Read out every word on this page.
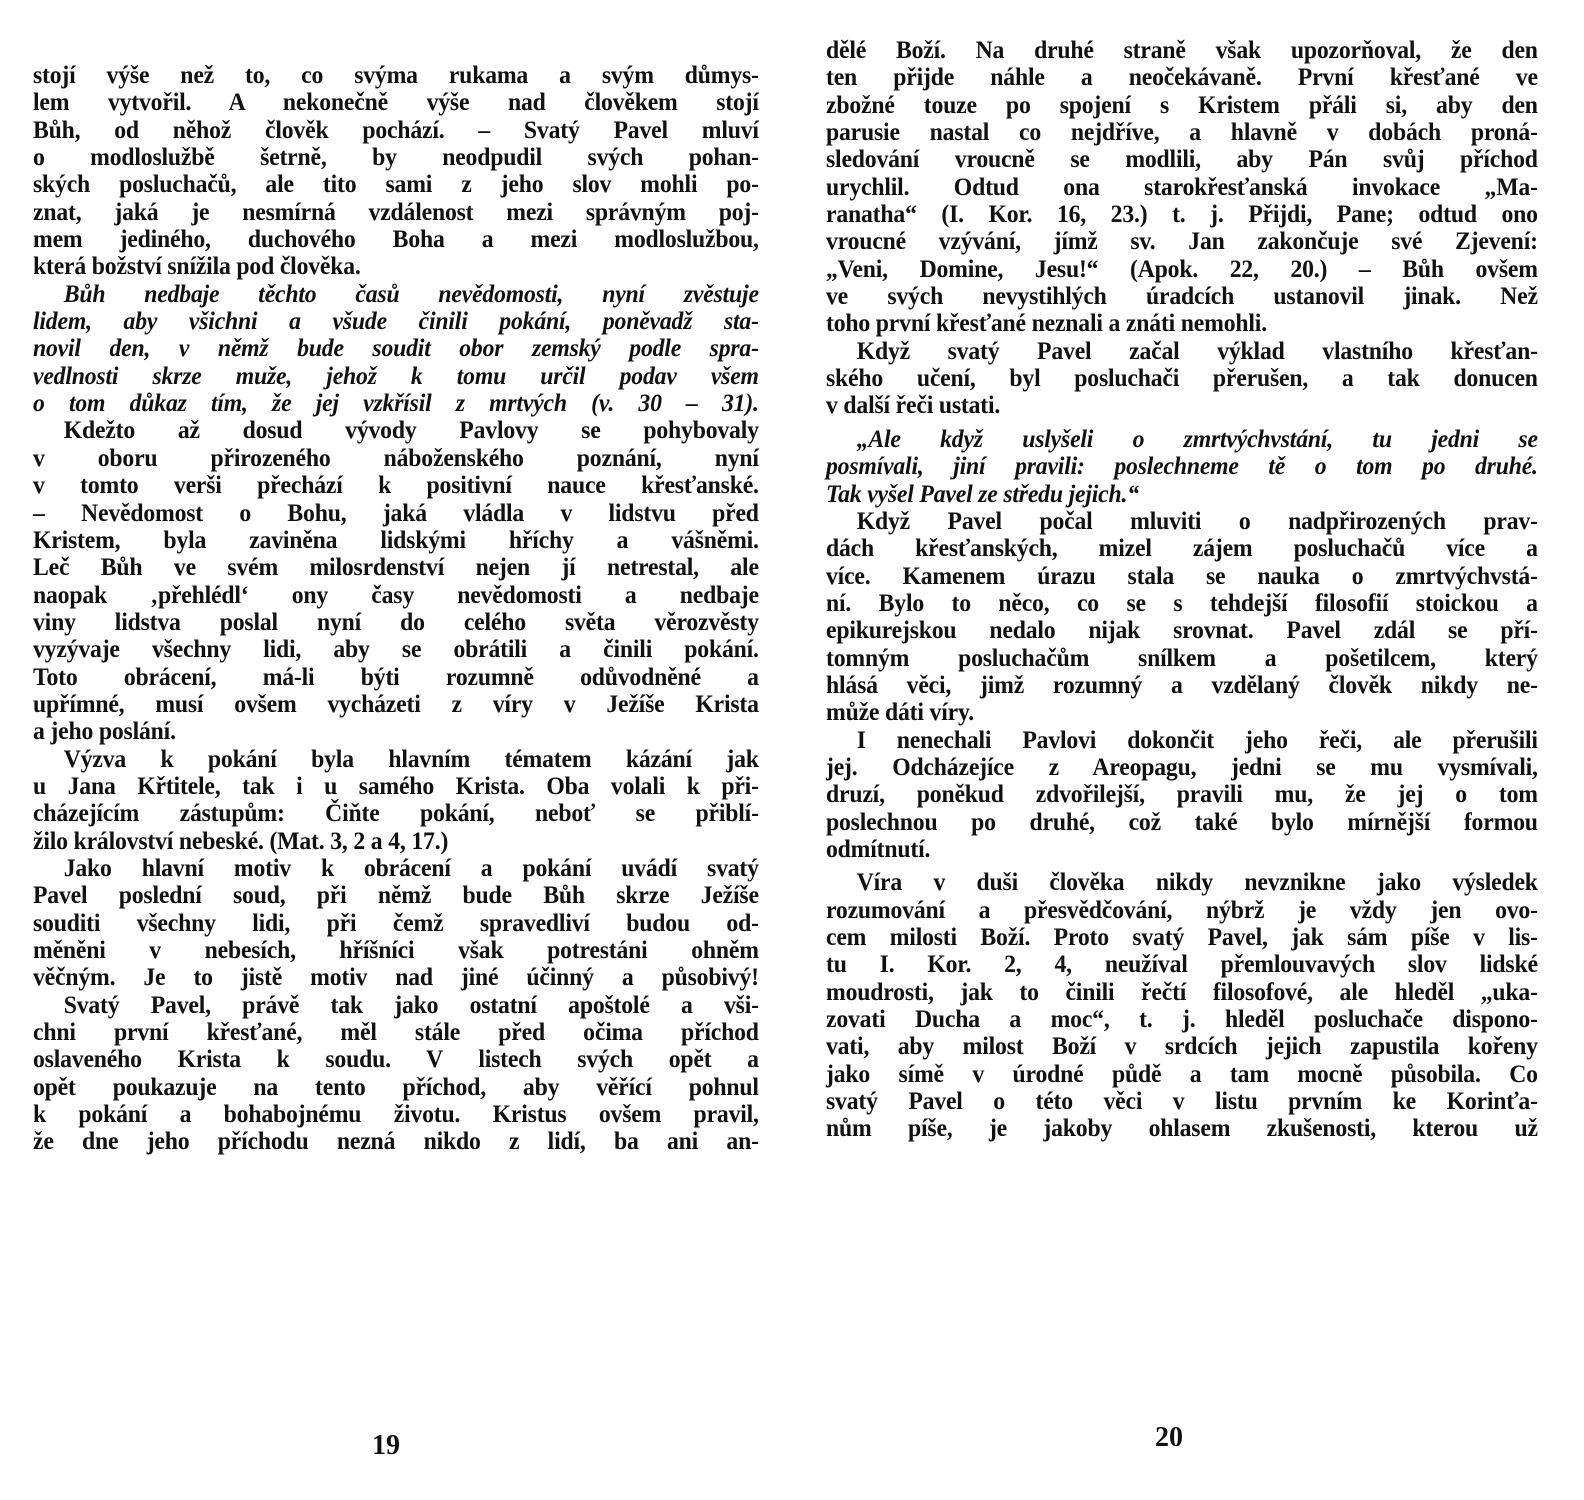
stojí výše než to, co svýma rukama a svým důmys-
lem vytvořil. A nekonečně výše nad člověkem stojí
Bůh, od něhož člověk pochází. – Svatý Pavel mluví
o modloslužbě šetrně, by neodpudil svých pohan-
ských posluchačů, ale tito sami z jeho slov mohli po-
znat, jaká je nesmírná vzdálenost mezi správným poj-
mem jediného, duchového Boha a mezi modloslužbou,
která božství snížila pod člověka.
Bůh nedbaje těchto časů nevědomosti, nyní zvěstuje
lidem, aby všichni a všude činili pokání, poněvadž sta-
novil den, v němž bude soudit obor zemský podle spra-
vedlnosti skrze muže, jehož k tomu určil podav všem
o tom důkaz tím, že jej vzkřísil z mrtvých (v. 30 – 31).
Kdežto až dosud vývody Pavlovy se pohybovaly
v oboru přirozeného náboženského poznání, nyní
v tomto verši přechází k positivní nauce křesťanské.
– Nevědomost o Bohu, jaká vládla v lidstvu před
Kristem, byla zaviněna lidskými hříchy a vášněmi.
Leč Bůh ve svém milosrdenství nejen jí netrestal, ale
naopak ‚přehlédl‘ ony časy nevědomosti a nedbaje
viny lidstva poslal nyní do celého světa věrozvěsty
vyzývaje všechny lidi, aby se obrátili a činili pokání.
Toto obrácení, má-li býti rozumně odůvodněné a
upřímné, musí ovšem vycházeti z víry v Ježíše Krista
a jeho poslání.
Výzva k pokání byla hlavním tématem kázání jak
u Jana Křtitele, tak i u samého Krista. Oba volali k při-
cházejícím zástupům: Čiňte pokání, neboť se přiblí-
žilo království nebeské. (Mat. 3, 2 a 4, 17.)
Jako hlavní motiv k obrácení a pokání uvádí svatý
Pavel poslední soud, při němž bude Bůh skrze Ježíše
souditi všechny lidi, při čemž spravedliví budou od-
měněni v nebesích, hříšníci však potrestáni ohněm
věčným. Je to jistě motiv nad jiné účinný a působivý!
Svatý Pavel, právě tak jako ostatní apoštolé a vši-
chni první křesťané, měl stále před očima příchod
oslaveného Krista k soudu. V listech svých opět a
opět poukazuje na tento příchod, aby věřící pohnul
k pokání a bohabojnému životu. Kristus ovšem pravil,
že dne jeho příchodu nezná nikdo z lidí, ba ani an-
dělé Boží. Na druhé straně však upozorňoval, že den
ten přijde náhle a neočekávaně. První křesťané ve
zbožné touze po spojení s Kristem přáli si, aby den
parusie nastal co nejdříve, a hlavně v dobách proná-
sledování vroucně se modlili, aby Pán svůj příchod
urychlil. Odtud ona starokřesťanská invokace „Ma-
ranatha“ (I. Kor. 16, 23.) t. j. Přijdi, Pane; odtud ono
vroucné vzývání, jímž sv. Jan zakončuje své Zjevení:
„Veni, Domine, Jesu!“ (Apok. 22, 20.) – Bůh ovšem
ve svých nevystihlých úradcích ustanovil jinak. Než
toho první křesťané neznali a znáti nemohli.
Když svatý Pavel začal výklad vlastního křesťan-
ského učení, byl posluchači přerušen, a tak donucen
v další řeči ustati.
„Ale když uslyšeli o zmrtvýchvstání, tu jedni se
posmívali, jiní pravili: poslechneme tě o tom po druhé.
Tak vyšel Pavel ze středu jejich.“
Když Pavel počal mluviti o nadpřirozených prav-
dách křesťanských, mizel zájem posluchačů více a
více. Kamenem úrazu stala se nauka o zmrtvýchvstá-
ní. Bylo to něco, co se s tehdejší filosofií stoickou a
epikurejskou nedalo nijak srovnat. Pavel zdál se pří-
tomným posluchačům snílkem a pošetilcem, který
hlásá věci, jimž rozumný a vzdělaný člověk nikdy ne-
může dáti víry.
I nenechali Pavlovi dokončit jeho řeči, ale přerušili
jej. Odcházejíce z Areopagu, jedni se mu vysmívali,
druzí, poněkud zdvořilejší, pravili mu, že jej o tom
poslechnou po druhé, což také bylo mírnější formou
odmítnutí.
Víra v duši člověka nikdy nevznikne jako výsledek
rozumování a přesvědčování, nýbrž je vždy jen ovo-
cem milosti Boží. Proto svatý Pavel, jak sám píše v lis-
tu I. Kor. 2, 4, neužíval přemlouvavých slov lidské
moudrosti, jak to činili řečtí filosofové, ale hleděl „uka-
zovati Ducha a moc“, t. j. hleděl posluchače dispono-
vati, aby milost Boží v srdcích jejich zapustila kořeny
jako símě v úrodné půdě a tam mocně působila. Co
svatý Pavel o této věci v listu prvním ke Korinťa-
nům píše, je jakoby ohlasem zkušenosti, kterou už
19	20
